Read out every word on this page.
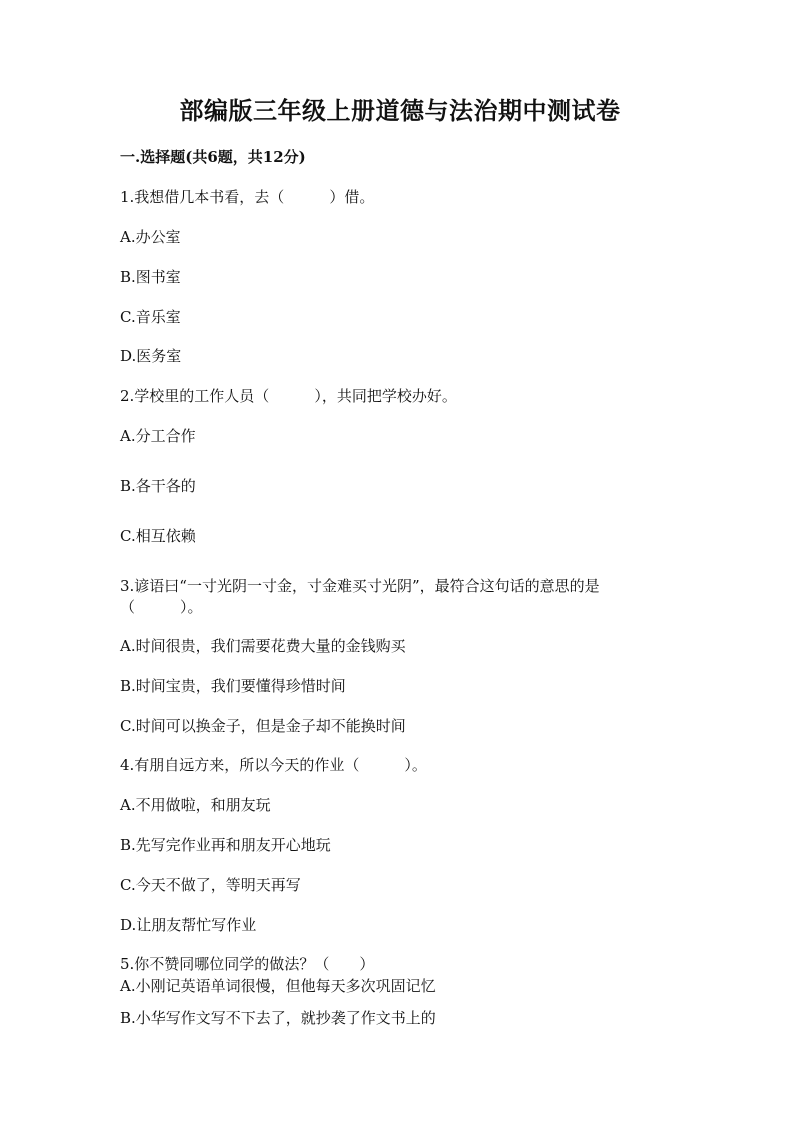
部编版三年级上册道德与法治期中测试卷
一.选择题(共6题，共12分)
1.我想借几本书看，去（　　　）借。
A.办公室
B.图书室
C.音乐室
D.医务室
2.学校里的工作人员（　　　），共同把学校办好。
A.分工合作
B.各干各的
C.相互依赖
3.谚语曰“一寸光阴一寸金，寸金难买寸光阴”，最符合这句话的意思的是
（　　　）。
A.时间很贵，我们需要花费大量的金钱购买
B.时间宝贵，我们要懂得珍惜时间
C.时间可以换金子，但是金子却不能换时间
4.有朋自远方来，所以今天的作业（　　　）。
A.不用做啦，和朋友玩
B.先写完作业再和朋友开心地玩
C.今天不做了，等明天再写
D.让朋友帮忙写作业
5.你不赞同哪位同学的做法？（　　）
A.小刚记英语单词很慢，但他每天多次巩固记忆
B.小华写作文写不下去了，就抄袭了作文书上的
